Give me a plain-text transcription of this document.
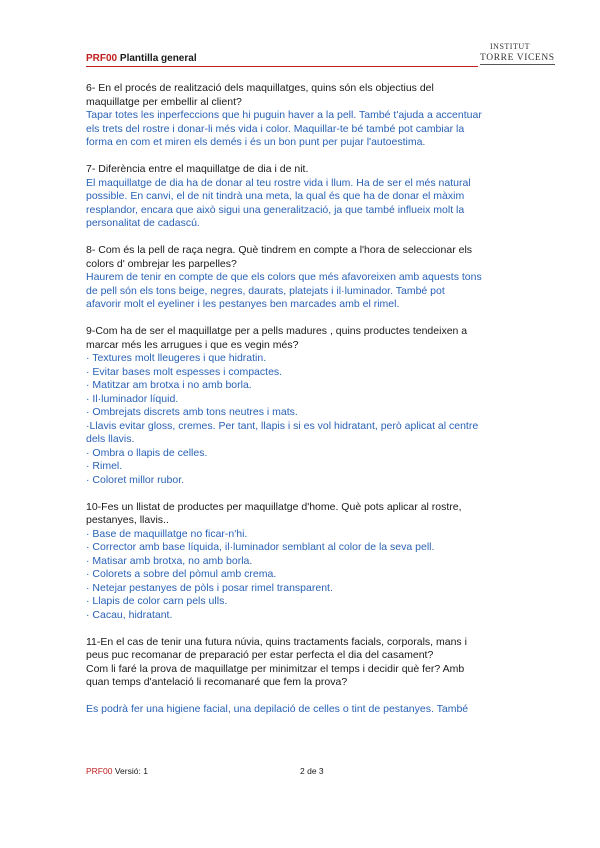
PRF00 Plantilla general
INSTITUT
TORRE VICENS

6- En el procés de realització dels maquillatges, quins són els objectius del

maquillatge per embellir al client?

Tapar totes les inperfeccions que hi puguin haver a la pell. També t'ajuda a accentuar

els trets del rostre i donar-li més vida i color. Maquillar-te bé també pot cambiar la

forma en com et miren els demés i és un bon punt per pujar l'autoestima.

7- Diferència entre el maquillatge de dia i de nit.

El maquillatge de dia ha de donar al teu rostre vida i llum. Ha de ser el més natural

possible. En canvi, el de nit tindrà una meta, la qual és que ha de donar el màxim

resplandor, encara que això sigui una generalització, ja que també influeix molt la

personalitat de cadascú.

8- Com és la pell de raça negra. Què tindrem en compte a l'hora de seleccionar els

colors d' ombrejar les parpelles?

Haurem de tenir en compte de que els colors que més afavoreixen amb aquests tons

de pell són els tons beige, negres, daurats, platejats i il·luminador. També pot

afavorir molt el eyeliner i les pestanyes ben marcades amb el rimel.

9-Com ha de ser el maquillatge per a pells madures , quins productes tendeixen a

marcar més les arrugues i que es vegin més?

· Textures molt lleugeres i que hidratin.

· Evitar bases molt espesses i compactes.

· Matitzar am brotxa i no amb borla.

· Il·luminador líquid.

· Ombrejats discrets amb tons neutres i mats.

·Llavis evitar gloss, cremes. Per tant, llapis i si es vol hidratant, però aplicat al centre

dels llavis.

· Ombra o llapis de celles.

· Rimel.

· Coloret millor rubor.

10-Fes un llistat de productes per maquillatge d'home. Què pots aplicar al rostre,

pestanyes, llavis..

· Base de maquillatge no ficar-n'hi.

· Corrector amb base líquida, il·luminador semblant al color de la seva pell.

· Matisar amb brotxa, no amb borla.

· Colorets a sobre del pòmul amb crema.

· Netejar pestanyes de pòls i posar rimel transparent.

· Llapis de color carn pels ulls.

· Cacau, hidratant.

11-En el cas de tenir una futura núvia, quins tractaments facials, corporals, mans i

peus puc recomanar de preparació per estar perfecta el dia del casament?

Com li faré la prova de maquillatge per minimitzar el temps i decidir què fer? Amb

quan temps d'antelació li recomanaré que fem la prova?

Es podrà fer una higiene facial, una depilació de celles o tint de pestanyes. També

PRF00 Versió: 1	2 de 3
